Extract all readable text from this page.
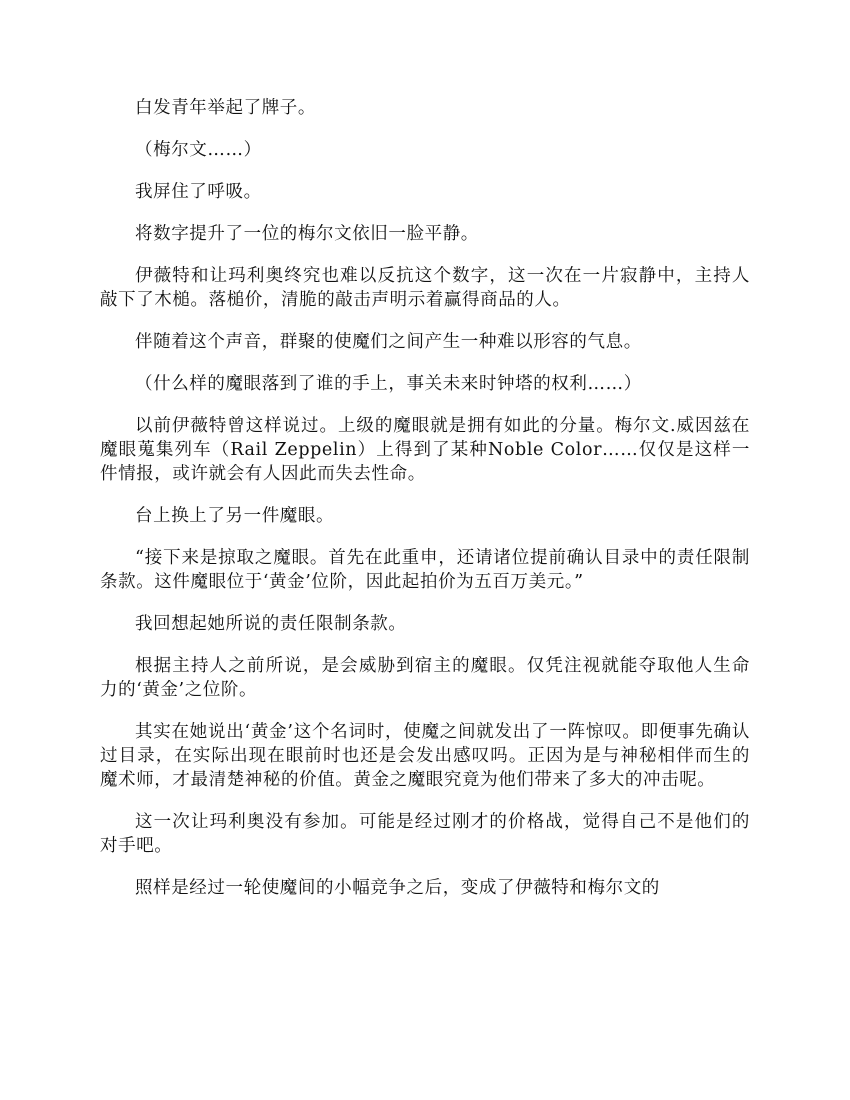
白发青年举起了牌子。

（梅尔文……）

我屏住了呼吸。

将数字提升了一位的梅尔文依旧一脸平静。

伊薇特和让玛利奥终究也难以反抗这个数字，这一次在一片寂静中，主持人敲下了木槌。落槌价，清脆的敲击声明示着赢得商品的人。

伴随着这个声音，群聚的使魔们之间产生一种难以形容的气息。

（什么样的魔眼落到了谁的手上，事关未来时钟塔的权利……）

以前伊薇特曾这样说过。上级的魔眼就是拥有如此的分量。梅尔文.威因兹在魔眼蒐集列车（Rail Zeppelin）上得到了某种Noble Color……仅仅是这样一件情报，或许就会有人因此而失去性命。

台上换上了另一件魔眼。

“接下来是掠取之魔眼。首先在此重申，还请诸位提前确认目录中的责任限制条款。这件魔眼位于‘黄金’位阶，因此起拍价为五百万美元。”

我回想起她所说的责任限制条款。

根据主持人之前所说，是会威胁到宿主的魔眼。仅凭注视就能夺取他人生命力的‘黄金’之位阶。

其实在她说出‘黄金’这个名词时，使魔之间就发出了一阵惊叹。即便事先确认过目录，在实际出现在眼前时也还是会发出感叹吗。正因为是与神秘相伴而生的魔术师，才最清楚神秘的价值。黄金之魔眼究竟为他们带来了多大的冲击呢。

这一次让玛利奥没有参加。可能是经过刚才的价格战，觉得自己不是他们的对手吧。

照样是经过一轮使魔间的小幅竞争之后，变成了伊薇特和梅尔文的
